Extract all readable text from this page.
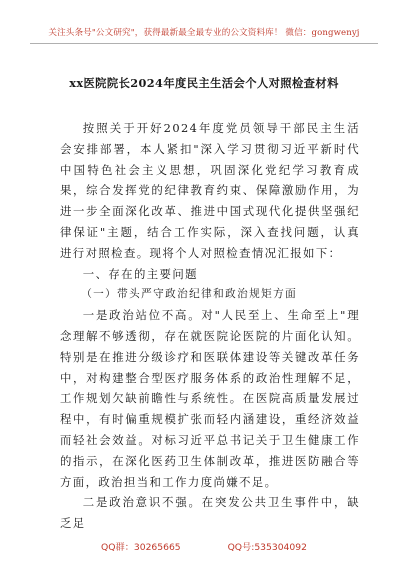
关注头条号"公文研究"，获得最新最全最专业的公文资料库！ 微信：gongwenyj
xx医院院长2024年度民主生活会个人对照检查材料

按照关于开好2024年度党员领导干部民主生活会安排部署，本人紧扣"深入学习贯彻习近平新时代中国特色社会主义思想，巩固深化党纪学习教育成果，综合发挥党的纪律教育约束、保障激励作用，为进一步全面深化改革、推进中国式现代化提供坚强纪律保证"主题，结合工作实际，深入查找问题，认真进行对照检查。现将个人对照检查情况汇报如下：

一、存在的主要问题

（一）带头严守政治纪律和政治规矩方面

一是政治站位不高。对"人民至上、生命至上"理念理解不够透彻，存在就医院论医院的片面化认知。特别是在推进分级诊疗和医联体建设等关键改革任务中，对构建整合型医疗服务体系的政治性理解不足，工作规划欠缺前瞻性与系统性。在医院高质量发展过程中，有时偏重规模扩张而轻内涵建设，重经济效益而轻社会效益。对标习近平总书记关于卫生健康工作的指示，在深化医药卫生体制改革，推进医防融合等方面，政治担当和工作力度尚嫌不足。

二是政治意识不强。在突发公共卫生事件中，缺乏足

QQ群：30265665	QQ号:535304092
